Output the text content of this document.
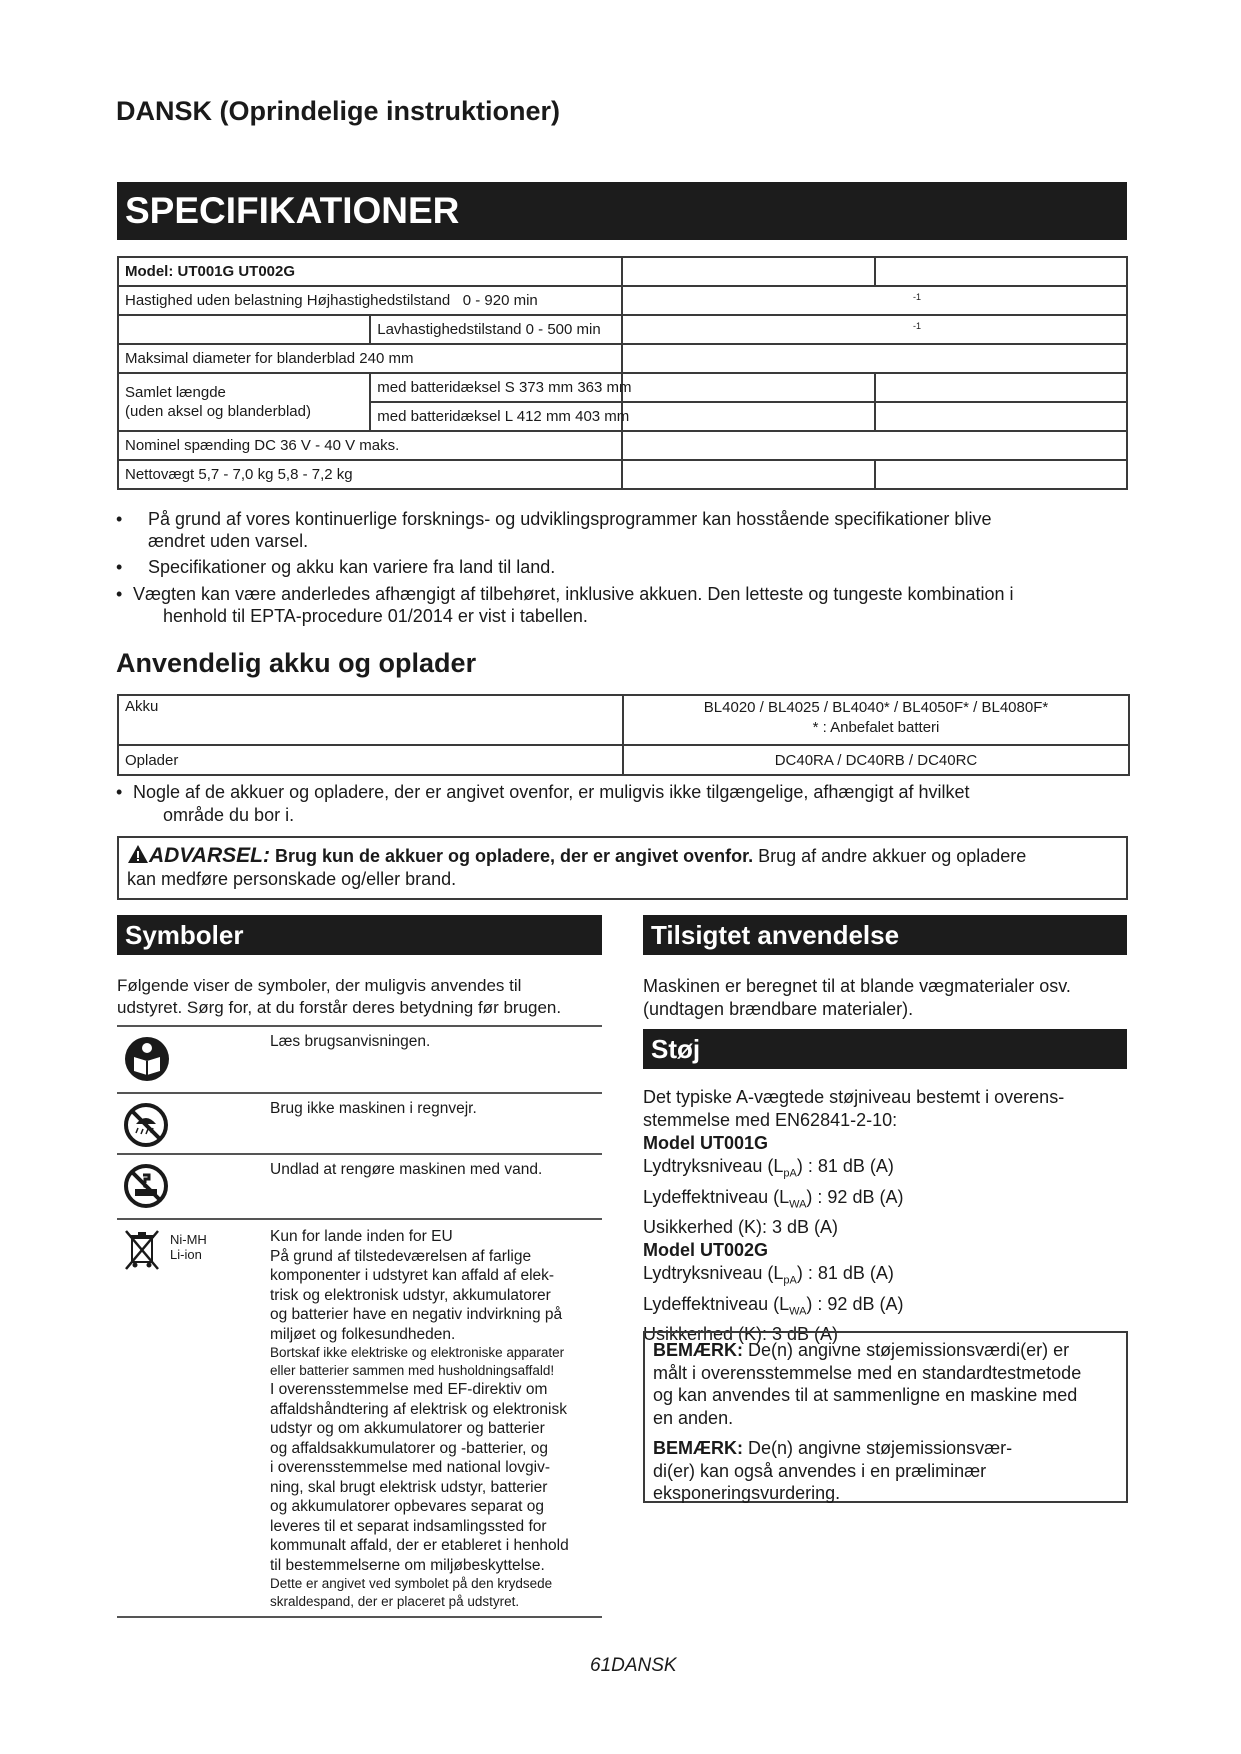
DANSK (Oprindelige instruktioner)
SPECIFIKATIONER
Model: UT001G UT002G			
Hastighed uden belastning Højhastighedstilstand 0 - 920 min		$^{-1}$
	Lavhastighedstilstand 0 - 500 min	$^{-1}$
Maksimal diameter for blanderblad 240 mm			
Samlet længde
(uden aksel og blanderblad)	med batteridæksel S 373 mm 363 mm		
	med batteridæksel L 412 mm 403 mm		
Nominel spænding DC 36 V - 40 V maks.			
Nettovægt 5,7 - 7,0 kg 5,8 - 7,2 kg			
• På grund af vores kontinuerlige forsknings- og udviklingsprogrammer kan hosstående specifikationer blive
ændret uden varsel.
• Specifikationer og akku kan variere fra land til land.
• Vægten kan være anderledes afhængigt af tilbehøret, inklusive akkuen. Den letteste og tungeste kombination i
henhold til EPTA-procedure 01/2014 er vist i tabellen.
Anvendelig akku og oplader
Akku	BL4020 / BL4025 / BL4040* / BL4050F* / BL4080F*
* : Anbefalet batteri
Oplader	DC40RA / DC40RB / DC40RC
• Nogle af de akkuer og opladere, der er angivet ovenfor, er muligvis ikke tilgængelige, afhængigt af hvilket
område du bor i.
ADVARSEL: Brug kun de akkuer og opladere, der er angivet ovenfor. Brug af andre akkuer og opladere
kan medføre personskade og/eller brand.
Symboler
Følgende viser de symboler, der muligvis anvendes til
udstyret. Sørg for, at du forstår deres betydning før brugen.
Læs brugsanvisningen.
Brug ikke maskinen i regnvejr.
Undlad at rengøre maskinen med vand.
Ni-MH
Li-ion
Kun for lande inden for EU
På grund af tilstedeværelsen af farlige
komponenter i udstyret kan affald af elek-
trisk og elektronisk udstyr, akkumulatorer
og batterier have en negativ indvirkning på
miljøet og folkesundheden.
Bortskaf ikke elektriske og elektroniske apparater
eller batterier sammen med husholdningsaffald!
I overensstemmelse med EF-direktiv om
affaldshåndtering af elektrisk og elektronisk
udstyr og om akkumulatorer og batterier
og affaldsakkumulatorer og -batterier, og
i overensstemmelse med national lovgiv-
ning, skal brugt elektrisk udstyr, batterier
og akkumulatorer opbevares separat og
leveres til et separat indsamlingssted for
kommunalt affald, der er etableret i henhold
til bestemmelserne om miljøbeskyttelse.
Dette er angivet ved symbolet på den krydsede
skraldespand, der er placeret på udstyret.
Tilsigtet anvendelse
Maskinen er beregnet til at blande vægmaterialer osv.
(undtagen brændbare materialer).
Støj
Det typiske A-vægtede støjniveau bestemt i overens-
stemmelse med EN62841-2-10:
Model UT001G
Lydtryksniveau $(L_{pA})$ : 81 dB (A)
Lydeffektniveau $(L_{WA})$ : 92 dB (A)
Usikkerhed (K): 3 dB (A)
Model UT002G
Lydtryksniveau $(L_{pA})$ : 81 dB (A)
Lydeffektniveau $(L_{WA})$ : 92 dB (A)
Usikkerhed (K): 3 dB (A)
BEMÆRK: De(n) angivne støjemissionsværdi(er) er
målt i overensstemmelse med en standardtestmetode
og kan anvendes til at sammenligne en maskine med
en anden.
BEMÆRK: De(n) angivne støjemissionsvær-
di(er) kan også anvendes i en præliminær
eksponeringsvurdering.
61DANSK
